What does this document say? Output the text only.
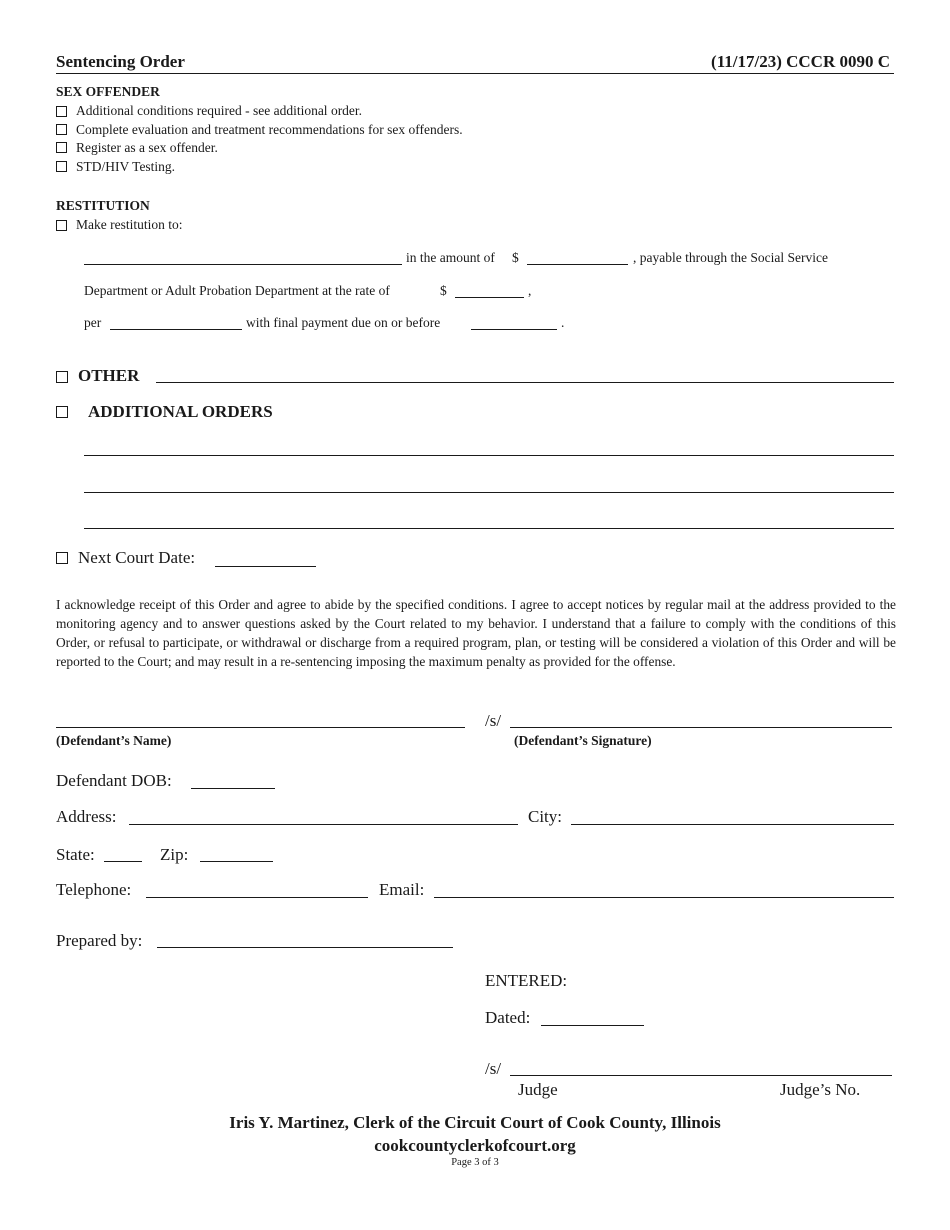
Sentencing Order	(11/17/23) CCCR 0090 C
SEX OFFENDER
Additional conditions required - see additional order.
Complete evaluation and treatment recommendations for sex offenders.
Register as a sex offender.
STD/HIV Testing.
RESTITUTION
Make restitution to:
in the amount of $	, payable through the Social Service
Department or Adult Probation Department at the rate of	$	,
per	with final payment due on or before	.
OTHER
ADDITIONAL ORDERS
Next Court Date:
I acknowledge receipt of this Order and agree to abide by the specified conditions. I agree to accept notices by regular mail at the address provided to the monitoring agency and to answer questions asked by the Court related to my behavior. I understand that a failure to comply with the conditions of this Order, or refusal to participate, or withdrawal or discharge from a required program, plan, or testing will be considered a violation of this Order and will be reported to the Court; and may result in a re-sentencing imposing the maximum penalty as provided for the offense.
(Defendant’s Name)
/s/
(Defendant’s Signature)
Defendant DOB:
Address:	City:
State:	Zip:
Telephone:	Email:
Prepared by:
ENTERED:
Dated:
/s/
Judge	Judge’s No.
Iris Y. Martinez, Clerk of the Circuit Court of Cook County, Illinois
cookcountyclerkofcourt.org
Page 3 of 3
